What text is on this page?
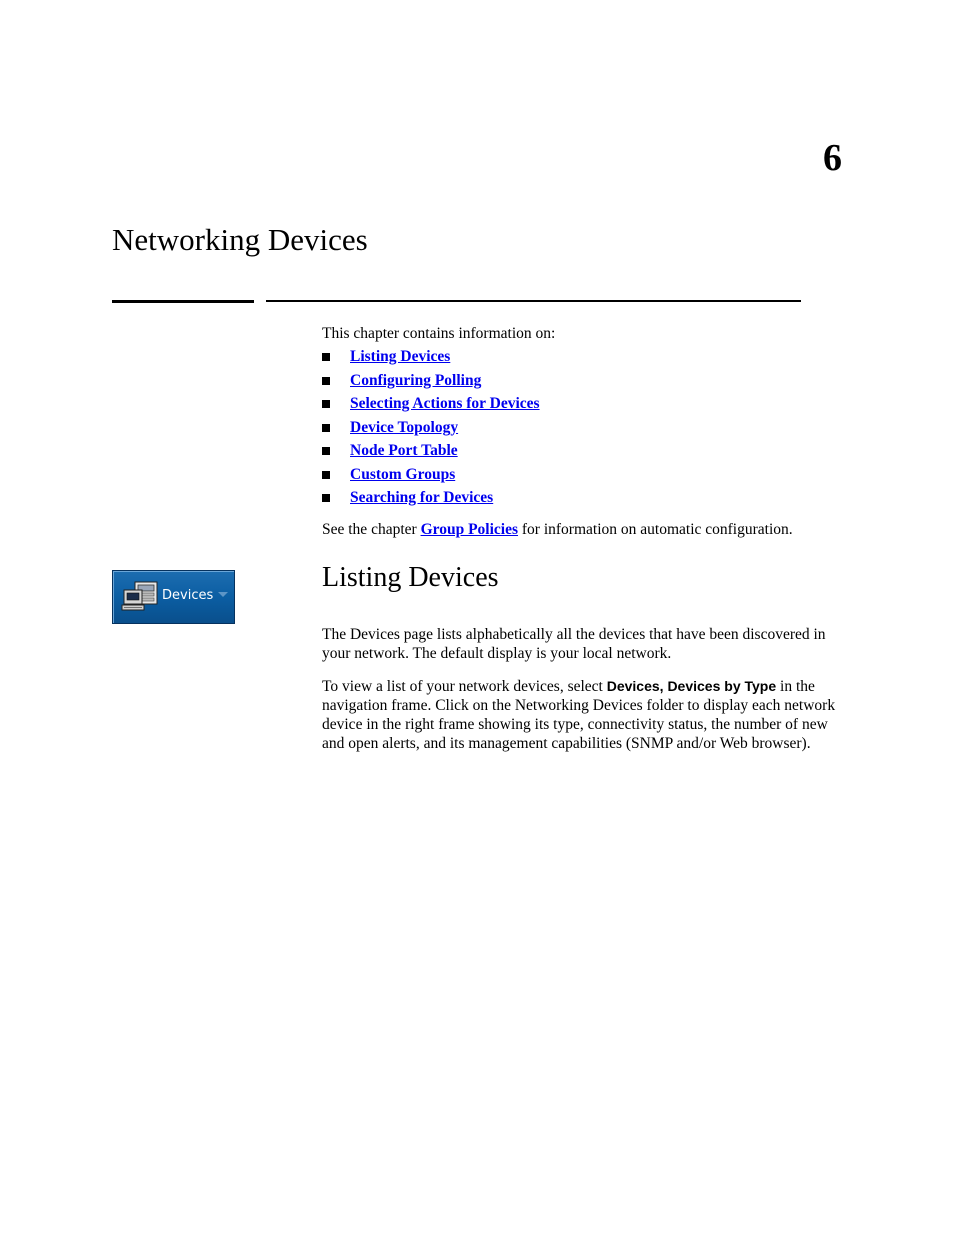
6
Networking Devices

This chapter contains information on:

Listing Devices
Configuring Polling
Selecting Actions for Devices
Device Topology
Node Port Table
Custom Groups
Searching for Devices
See the chapter Group Policies for information on automatic configuration.
Devices
Listing Devices

The Devices page lists alphabetically all the devices that have been discovered in your network. The default display is your local network.

To view a list of your network devices, select Devices, Devices by Type in the navigation frame. Click on the Networking Devices folder to display each network device in the right frame showing its type, connectivity status, the number of new and open alerts, and its management capabilities (SNMP and/or Web browser).
